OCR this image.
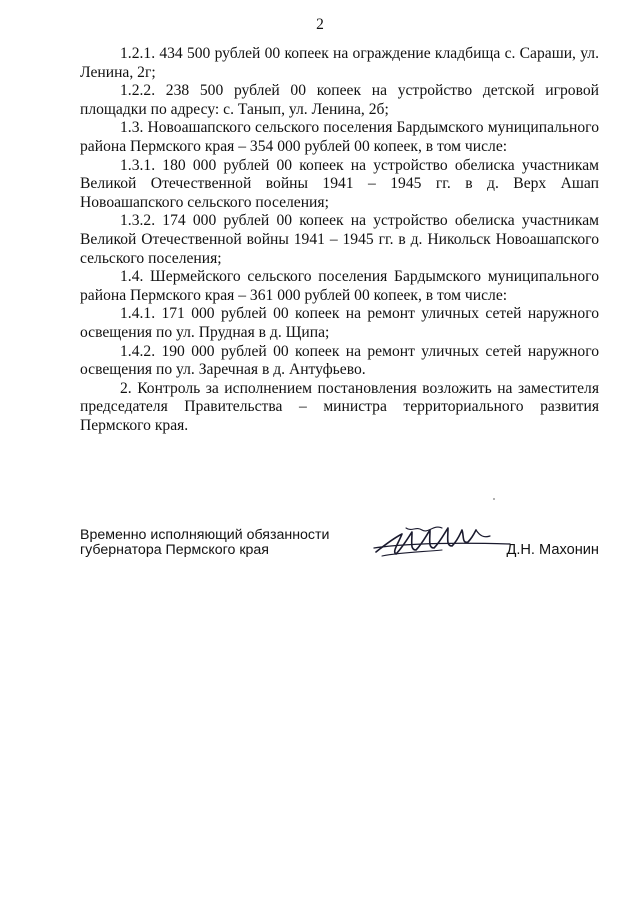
2

1.2.1. 434 500 рублей 00 копеек на ограждение кладбища с. Сараши, ул. Ленина, 2г;

1.2.2. 238 500 рублей 00 копеек на устройство детской игровой площадки по адресу: с. Танып, ул. Ленина, 2б;

1.3. Новоашапского сельского поселения Бардымского муниципального района Пермского края – 354 000 рублей 00 копеек, в том числе:

1.3.1. 180 000 рублей 00 копеек на устройство обелиска участникам Великой Отечественной войны 1941 – 1945 гг. в д. Верх Ашап Новоашапского сельского поселения;

1.3.2. 174 000 рублей 00 копеек на устройство обелиска участникам Великой Отечественной войны 1941 – 1945 гг. в д. Никольск Новоашапского сельского поселения;

1.4. Шермейского сельского поселения Бардымского муниципального района Пермского края – 361 000 рублей 00 копеек, в том числе:

1.4.1. 171 000 рублей 00 копеек на ремонт уличных сетей наружного освещения по ул. Прудная в д. Щипа;

1.4.2. 190 000 рублей 00 копеек на ремонт уличных сетей наружного освещения по ул. Заречная в д. Антуфьево.

2. Контроль за исполнением постановления возложить на заместителя председателя Правительства – министра территориального развития Пермского края.

Временно исполняющий обязанности
губернатора Пермского края	Д.Н. Махонин
